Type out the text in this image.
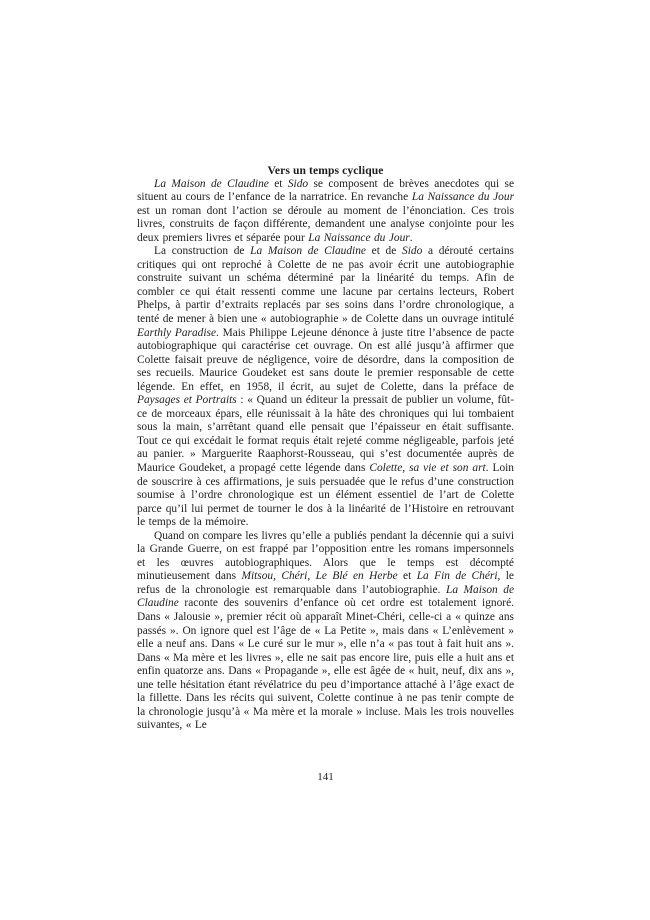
Vers un temps cyclique

La Maison de Claudine et Sido se composent de brèves anecdotes qui se situent au cours de l’enfance de la narratrice. En revanche La Naissance du Jour est un roman dont l’action se déroule au moment de l’énonciation. Ces trois livres, construits de façon différente, demandent une analyse conjointe pour les deux premiers livres et séparée pour La Naissance du Jour.

La construction de La Maison de Claudine et de Sido a dérouté certains critiques qui ont reproché à Colette de ne pas avoir écrit une autobiographie construite suivant un schéma déterminé par la linéarité du temps. Afin de combler ce qui était ressenti comme une lacune par certains lecteurs, Robert Phelps, à partir d’extraits replacés par ses soins dans l’ordre chronologique, a tenté de mener à bien une « autobiographie » de Colette dans un ouvrage intitulé Earthly Paradise. Mais Philippe Lejeune dénonce à juste titre l’absence de pacte autobiographique qui caractérise cet ouvrage. On est allé jusqu’à affirmer que Colette faisait preuve de négligence, voire de désordre, dans la composition de ses recueils. Maurice Goudeket est sans doute le premier responsable de cette légende. En effet, en 1958, il écrit, au sujet de Colette, dans la préface de Paysages et Portraits : « Quand un éditeur la pressait de publier un volume, fût-ce de morceaux épars, elle réunissait à la hâte des chroniques qui lui tombaient sous la main, s’arrêtant quand elle pensait que l’épaisseur en était suffisante. Tout ce qui excédait le format requis était rejeté comme négligeable, parfois jeté au panier. » Marguerite Raaphorst-Rousseau, qui s’est documentée auprès de Maurice Goudeket, a propagé cette légende dans Colette, sa vie et son art. Loin de souscrire à ces affirmations, je suis persuadée que le refus d’une construction soumise à l’ordre chronologique est un élément essentiel de l’art de Colette parce qu’il lui permet de tourner le dos à la linéarité de l’Histoire en retrouvant le temps de la mémoire.

Quand on compare les livres qu’elle a publiés pendant la décennie qui a suivi la Grande Guerre, on est frappé par l’opposition entre les romans impersonnels et les œuvres autobiographiques. Alors que le temps est décompté minutieusement dans Mitsou, Chéri, Le Blé en Herbe et La Fin de Chéri, le refus de la chronologie est remarquable dans l’autobiographie. La Maison de Claudine raconte des souvenirs d’enfance où cet ordre est totalement ignoré. Dans « Jalousie », premier récit où apparaît Minet-Chéri, celle-ci a « quinze ans passés ». On ignore quel est l’âge de « La Petite », mais dans « L’enlèvement » elle a neuf ans. Dans « Le curé sur le mur », elle n’a « pas tout à fait huit ans ». Dans « Ma mère et les livres », elle ne sait pas encore lire, puis elle a huit ans et enfin quatorze ans. Dans « Propagande », elle est âgée de « huit, neuf, dix ans », une telle hésitation étant révélatrice du peu d’importance attaché à l’âge exact de la fillette. Dans les récits qui suivent, Colette continue à ne pas tenir compte de la chronologie jusqu’à « Ma mère et la morale » incluse. Mais les trois nouvelles suivantes, « Le

141
